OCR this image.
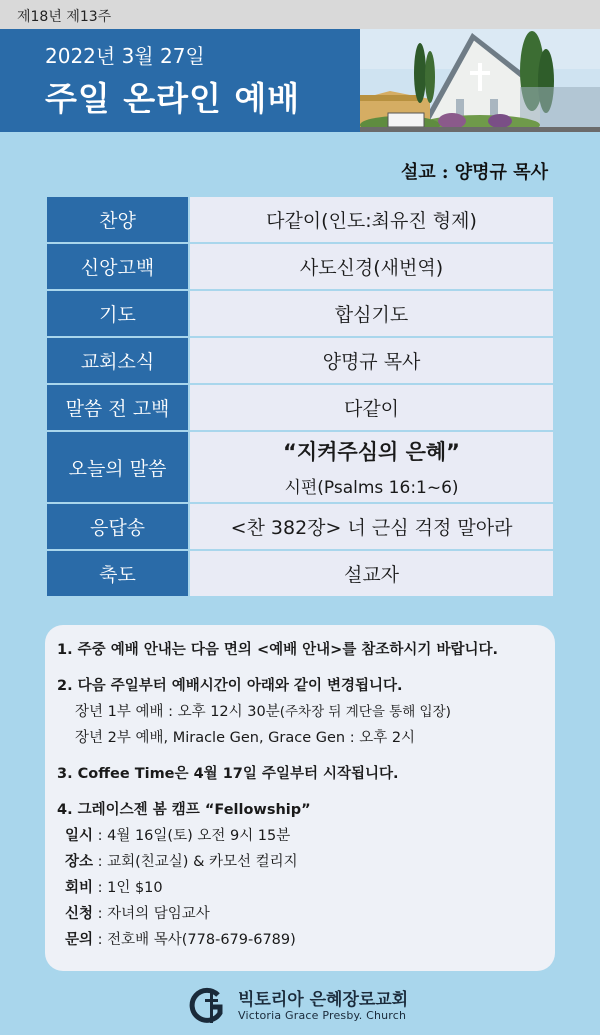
제18년 제13주
2022년 3월 27일
주일 온라인 예배
설교 : 양명규 목사
찬양	다같이(인도:최유진 형제)
신앙고백	사도신경(새번역)
기도	합심기도
교회소식	양명규 목사
말씀 전 고백	다같이
오늘의 말씀	“지켜주심의 은혜”
시편(Psalms 16:1~6)

응답송	<찬 382장> 너 근심 걱정 말아라
축도	설교자
1. 주중 예배 안내는 다음 면의 <예배 안내>를 참조하시기 바랍니다.
2. 다음 주일부터 예배시간이 아래와 같이 변경됩니다.
장년 1부 예배 : 오후 12시 30분(주차장 뒤 계단을 통해 입장)
장년 2부 예배, Miracle Gen, Grace Gen : 오후 2시
3. Coffee Time은 4월 17일 주일부터 시작됩니다.
4. 그레이스젠 봄 캠프 “Fellowship”
일시 : 4월 16일(토) 오전 9시 15분
장소 : 교회(친교실) & 카모선 컬리지
회비 : 1인 $10
신청 : 자녀의 담임교사
문의 : 전호배 목사(778-679-6789)
빅토리아 은혜장로교회
Victoria Grace Presby. Church
